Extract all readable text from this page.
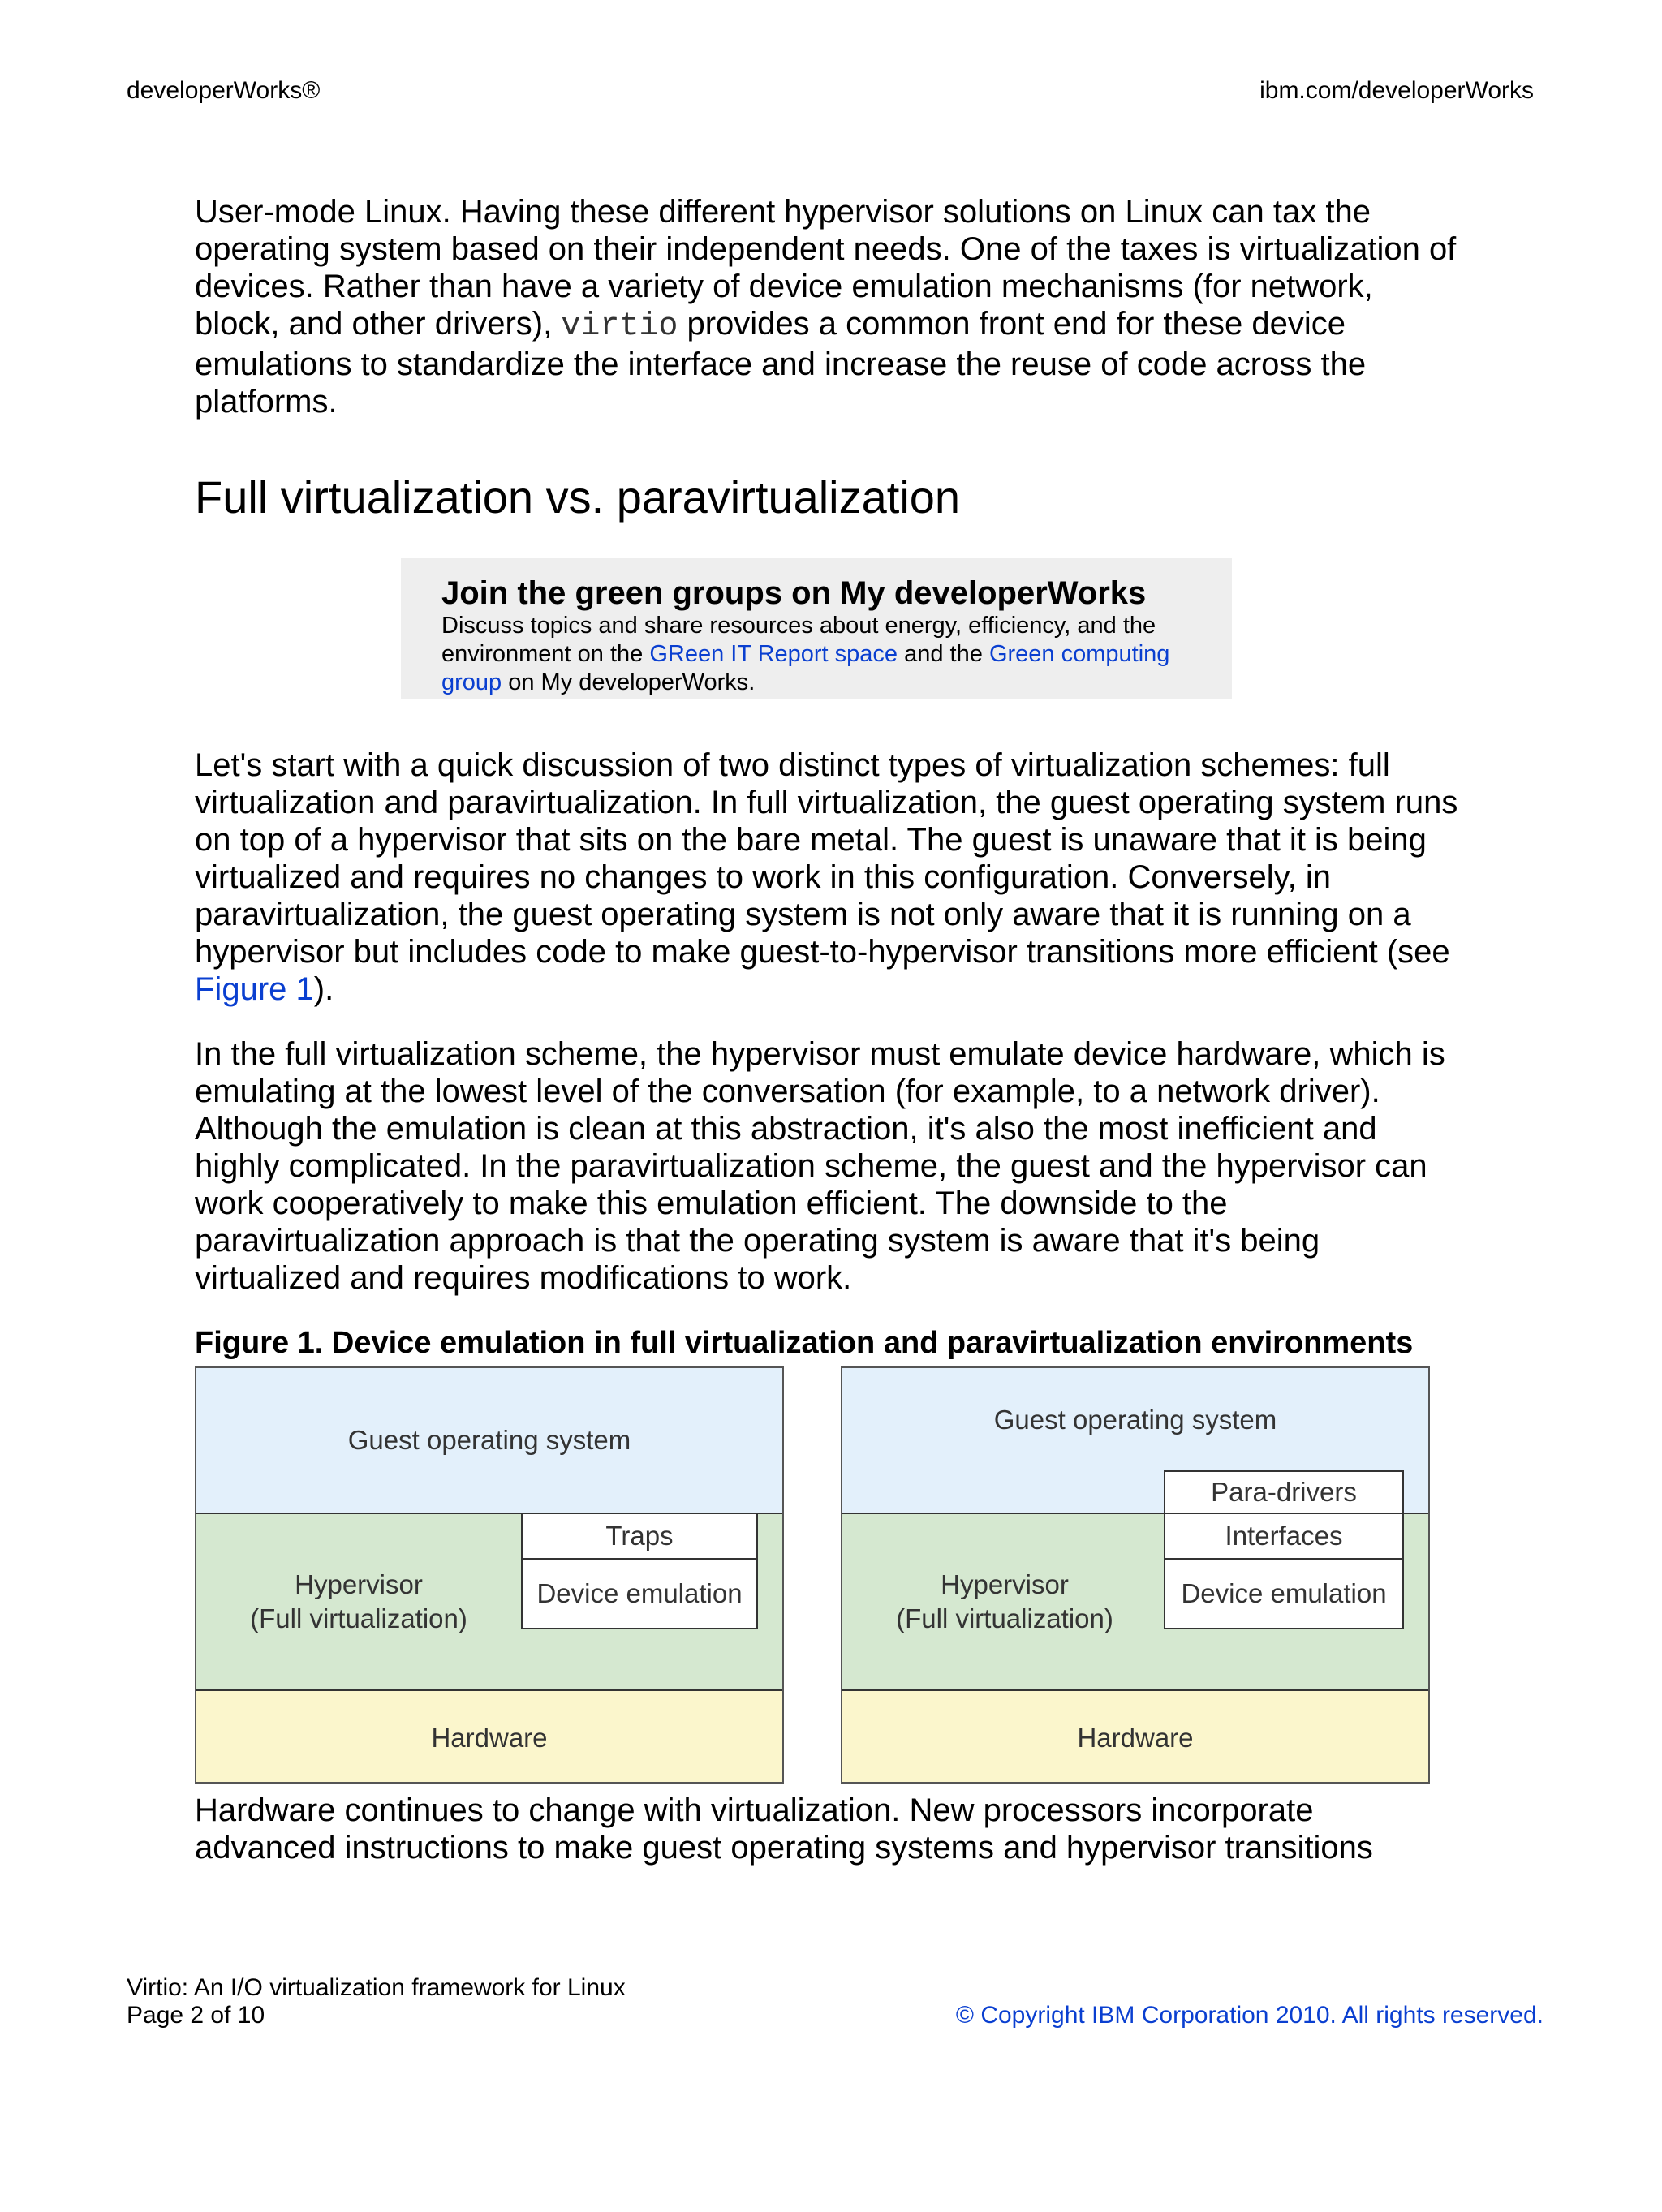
developerWorks®	ibm.com/developerWorks

User-mode Linux. Having these different hypervisor solutions on Linux can tax the operating system based on their independent needs. One of the taxes is virtualization of devices. Rather than have a variety of device emulation mechanisms (for network, block, and other drivers), virtio provides a common front end for these device emulations to standardize the interface and increase the reuse of code across the platforms.

Full virtualization vs. paravirtualization
Join the green groups on My developerWorks
Discuss topics and share resources about energy, efficiency, and the environment on the GReen IT Report space and the Green computing group on My developerWorks.

Let's start with a quick discussion of two distinct types of virtualization schemes: full virtualization and paravirtualization. In full virtualization, the guest operating system runs on top of a hypervisor that sits on the bare metal. The guest is unaware that it is being virtualized and requires no changes to work in this configuration. Conversely, in paravirtualization, the guest operating system is not only aware that it is running on a hypervisor but includes code to make guest-to-hypervisor transitions more efficient (see Figure 1).

In the full virtualization scheme, the hypervisor must emulate device hardware, which is emulating at the lowest level of the conversation (for example, to a network driver). Although the emulation is clean at this abstraction, it's also the most inefficient and highly complicated. In the paravirtualization scheme, the guest and the hypervisor can work cooperatively to make this emulation efficient. The downside to the paravirtualization approach is that the operating system is aware that it's being virtualized and requires modifications to work.

Figure 1. Device emulation in full virtualization and paravirtualization environments
Guest operating system
Hypervisor
(Full virtualization)
Traps
Device emulation
Hardware
Guest operating system
Hypervisor
(Full virtualization)
Para-drivers
Interfaces
Device emulation
Hardware

Hardware continues to change with virtualization. New processors incorporate advanced instructions to make guest operating systems and hypervisor transitions

Virtio: An I/O virtualization framework for Linux
Page 2 of 10	© Copyright IBM Corporation 2010. All rights reserved.
